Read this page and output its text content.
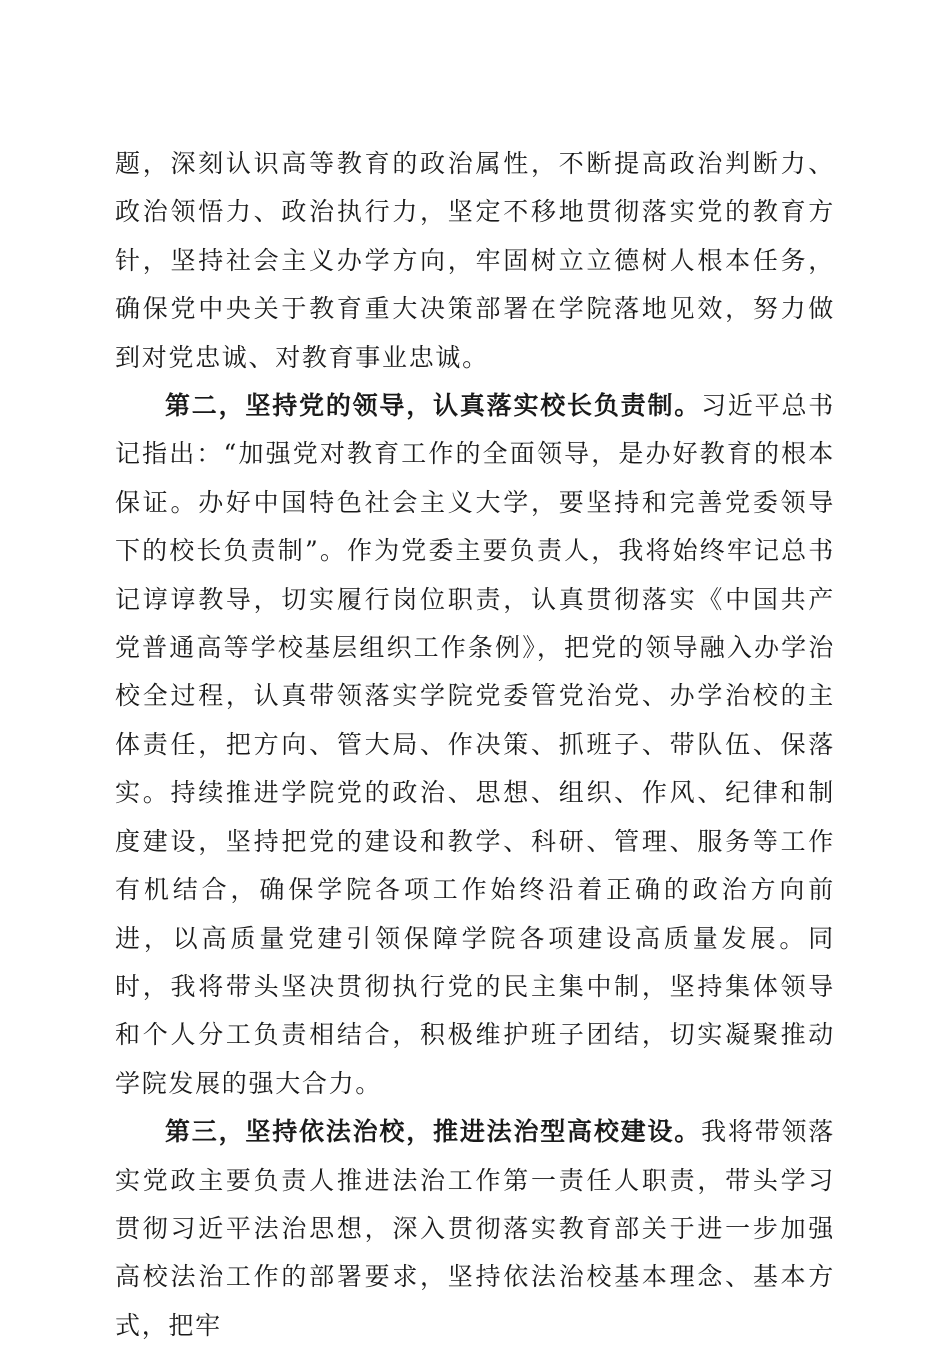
题，深刻认识高等教育的政治属性，不断提高政治判断力、政治领悟力、政治执行力，坚定不移地贯彻落实党的教育方针，坚持社会主义办学方向，牢固树立立德树人根本任务，确保党中央关于教育重大决策部署在学院落地见效，努力做到对党忠诚、对教育事业忠诚。

第二，坚持党的领导，认真落实校长负责制。习近平总书记指出：“加强党对教育工作的全面领导，是办好教育的根本保证。办好中国特色社会主义大学，要坚持和完善党委领导下的校长负责制”。作为党委主要负责人，我将始终牢记总书记谆谆教导，切实履行岗位职责，认真贯彻落实《中国共产党普通高等学校基层组织工作条例》，把党的领导融入办学治校全过程，认真带领落实学院党委管党治党、办学治校的主体责任，把方向、管大局、作决策、抓班子、带队伍、保落实。持续推进学院党的政治、思想、组织、作风、纪律和制度建设，坚持把党的建设和教学、科研、管理、服务等工作有机结合，确保学院各项工作始终沿着正确的政治方向前进，以高质量党建引领保障学院各项建设高质量发展。同时，我将带头坚决贯彻执行党的民主集中制，坚持集体领导和个人分工负责相结合，积极维护班子团结，切实凝聚推动学院发展的强大合力。

第三，坚持依法治校，推进法治型高校建设。我将带领落实党政主要负责人推进法治工作第一责任人职责，带头学习贯彻习近平法治思想，深入贯彻落实教育部关于进一步加强高校法治工作的部署要求，坚持依法治校基本理念、基本方式，把牢
